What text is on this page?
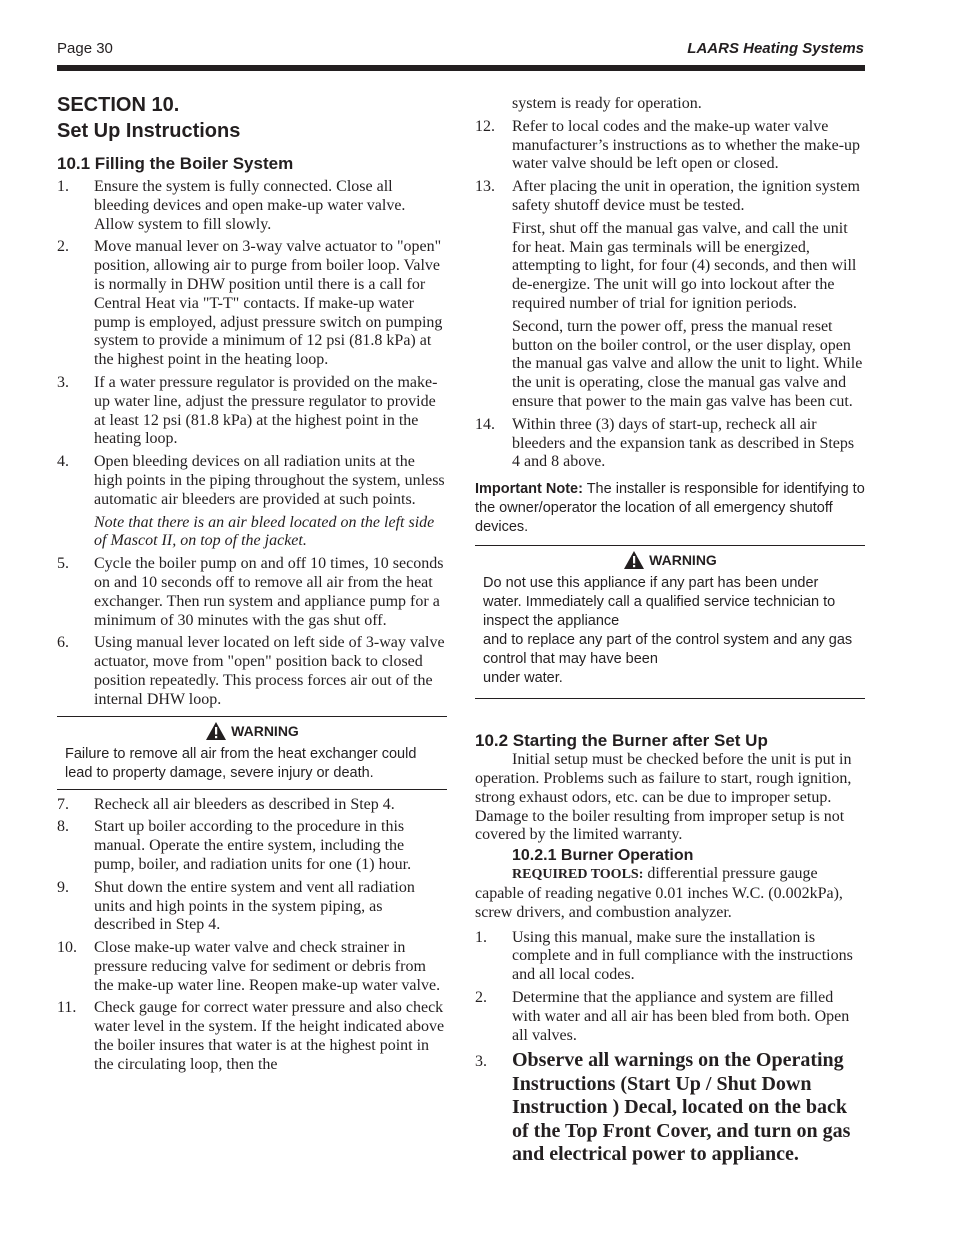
Page 30	LAARS Heating Systems
SECTION 10.
Set Up Instructions
10.1 Filling the Boiler System
1.	Ensure the system is fully connected. Close all bleeding devices and open make-up water valve. Allow system to fill slowly.
2.	Move manual lever on 3-way valve actuator to "open" position, allowing air to purge from boiler loop. Valve is normally in DHW position until there is a call for Central Heat via "T-T" contacts. If make-up water pump is employed, adjust pressure switch on pumping system to provide a minimum of 12 psi (81.8 kPa) at the highest point in the heating loop.
3.	If a water pressure regulator is provided on the make-up water line, adjust the pressure regulator to provide at least 12 psi (81.8 kPa) at the highest point in the heating loop.
4.	Open bleeding devices on all radiation units at the high points in the piping throughout the system, unless automatic air bleeders are provided at such points.
Note that there is an air bleed located on the left side of Mascot II, on top of the jacket.
5.	Cycle the boiler pump on and off 10 times, 10 seconds on and 10 seconds off to remove all air from the heat exchanger. Then run system and appliance pump for a minimum of 30 minutes with the gas shut off.
6.	Using manual lever located on left side of 3-way valve actuator, move from "open" position back to closed position repeatedly. This process forces air out of the internal DHW loop.
WARNING
Failure to remove all air from the heat exchanger could lead to property damage, severe injury or death.
7.	Recheck all air bleeders as described in Step 4.
8.	Start up boiler according to the procedure in this manual. Operate the entire system, including the pump, boiler, and radiation units for one (1) hour.
9.	Shut down the entire system and vent all radiation units and high points in the system piping, as described in Step 4.
10.	Close make-up water valve and check strainer in pressure reducing valve for sediment or debris from the make-up water line. Reopen make-up water valve.
11.	Check gauge for correct water pressure and also check water level in the system. If the height indicated above the boiler insures that water is at the highest point in the circulating loop, then the
system is ready for operation.
12.	Refer to local codes and the make-up water valve manufacturer’s instructions as to whether the make-up water valve should be left open or closed.
13.	After placing the unit in operation, the ignition system safety shutoff device must be tested.
First, shut off the manual gas valve, and call the unit for heat. Main gas terminals will be energized, attempting to light, for four (4) seconds, and then will de-energize. The unit will go into lockout after the required number of trial for ignition periods.
Second, turn the power off, press the manual reset button on the boiler control, or the user display, open the manual gas valve and allow the unit to light. While the unit is operating, close the manual gas valve and ensure that power to the main gas valve has been cut.
14.	Within three (3) days of start-up, recheck all air bleeders and the expansion tank as described in Steps 4 and 8 above.
Important Note: The installer is responsible for identifying to the owner/operator the location of all emergency shutoff devices.
WARNING
Do not use this appliance if any part has been under water. Immediately call a qualified service technician to inspect the appliance
and to replace any part of the control system and any gas control that may have been
under water.
10.2 Starting the Burner after Set Up
Initial setup must be checked before the unit is put in operation. Problems such as failure to start, rough ignition, strong exhaust odors, etc. can be due to improper setup. Damage to the boiler resulting from improper setup is not covered by the limited warranty.
10.2.1 Burner Operation
REQUIRED TOOLS: differential pressure gauge capable of reading negative 0.01 inches W.C. (0.002kPa), screw drivers, and combustion analyzer.
1.	Using this manual, make sure the installation is complete and in full compliance with the instructions and all local codes.
2.	Determine that the appliance and system are filled with water and all air has been bled from both. Open all valves.
3.	Observe all warnings on the Operating Instructions (Start Up / Shut Down Instruction ) Decal, located on the back of the Top Front Cover, and turn on gas and electrical power to appliance.
